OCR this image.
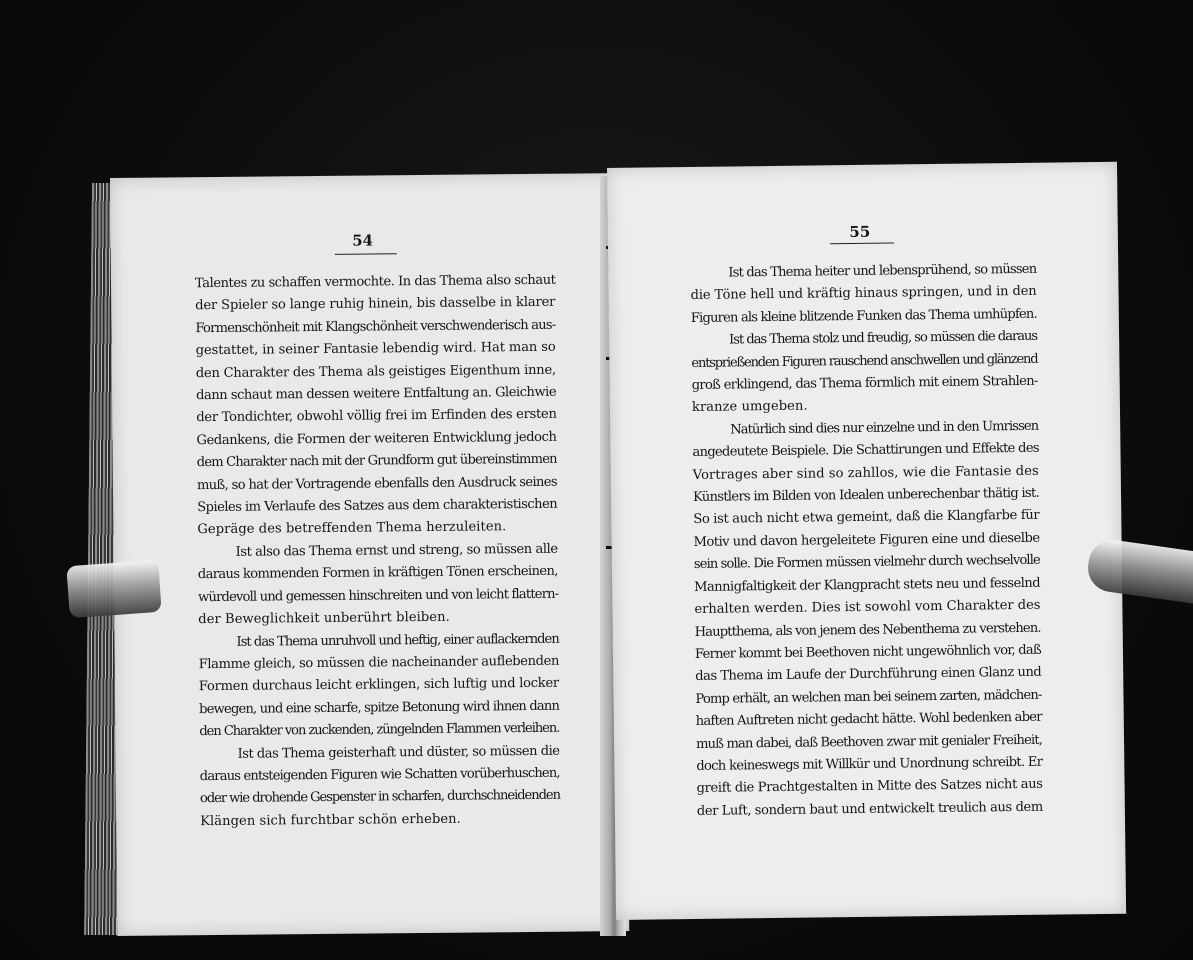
54
Talentes zu schaffen vermochte. In das Thema also schaut
der Spieler so lange ruhig hinein, bis dasselbe in klarer
Formenschönheit mit Klangschönheit verschwenderisch aus-
gestattet, in seiner Fantasie lebendig wird. Hat man so
den Charakter des Thema als geistiges Eigenthum inne,
dann schaut man dessen weitere Entfaltung an. Gleichwie
der Tondichter, obwohl völlig frei im Erfinden des ersten
Gedankens, die Formen der weiteren Entwicklung jedoch
dem Charakter nach mit der Grundform gut übereinstimmen
muß, so hat der Vortragende ebenfalls den Ausdruck seines
Spieles im Verlaufe des Satzes aus dem charakteristischen
Gepräge des betreffenden Thema herzuleiten.
Ist also das Thema ernst und streng, so müssen alle
daraus kommenden Formen in kräftigen Tönen erscheinen,
würdevoll und gemessen hinschreiten und von leicht flattern-
der Beweglichkeit unberührt bleiben.
Ist das Thema unruhvoll und heftig, einer auflackernden
Flamme gleich, so müssen die nacheinander auflebenden
Formen durchaus leicht erklingen, sich luftig und locker
bewegen, und eine scharfe, spitze Betonung wird ihnen dann
den Charakter von zuckenden, züngelnden Flammen verleihen.
Ist das Thema geisterhaft und düster, so müssen die
daraus entsteigenden Figuren wie Schatten vorüberhuschen,
oder wie drohende Gespenster in scharfen, durchschneidenden
Klängen sich furchtbar schön erheben.
55
Ist das Thema heiter und lebensprühend, so müssen
die Töne hell und kräftig hinaus springen, und in den
Figuren als kleine blitzende Funken das Thema umhüpfen.
Ist das Thema stolz und freudig, so müssen die daraus
entsprießenden Figuren rauschend anschwellen und glänzend
groß erklingend, das Thema förmlich mit einem Strahlen-
kranze umgeben.
Natürlich sind dies nur einzelne und in den Umrissen
angedeutete Beispiele. Die Schattirungen und Effekte des
Vortrages aber sind so zahllos, wie die Fantasie des
Künstlers im Bilden von Idealen unberechenbar thätig ist.
So ist auch nicht etwa gemeint, daß die Klangfarbe für
Motiv und davon hergeleitete Figuren eine und dieselbe
sein solle. Die Formen müssen vielmehr durch wechselvolle
Mannigfaltigkeit der Klangpracht stets neu und fesselnd
erhalten werden. Dies ist sowohl vom Charakter des
Hauptthema, als von jenem des Nebenthema zu verstehen.
Ferner kommt bei Beethoven nicht ungewöhnlich vor, daß
das Thema im Laufe der Durchführung einen Glanz und
Pomp erhält, an welchen man bei seinem zarten, mädchen-
haften Auftreten nicht gedacht hätte. Wohl bedenken aber
muß man dabei, daß Beethoven zwar mit genialer Freiheit,
doch keineswegs mit Willkür und Unordnung schreibt. Er
greift die Prachtgestalten in Mitte des Satzes nicht aus
der Luft, sondern baut und entwickelt treulich aus dem
